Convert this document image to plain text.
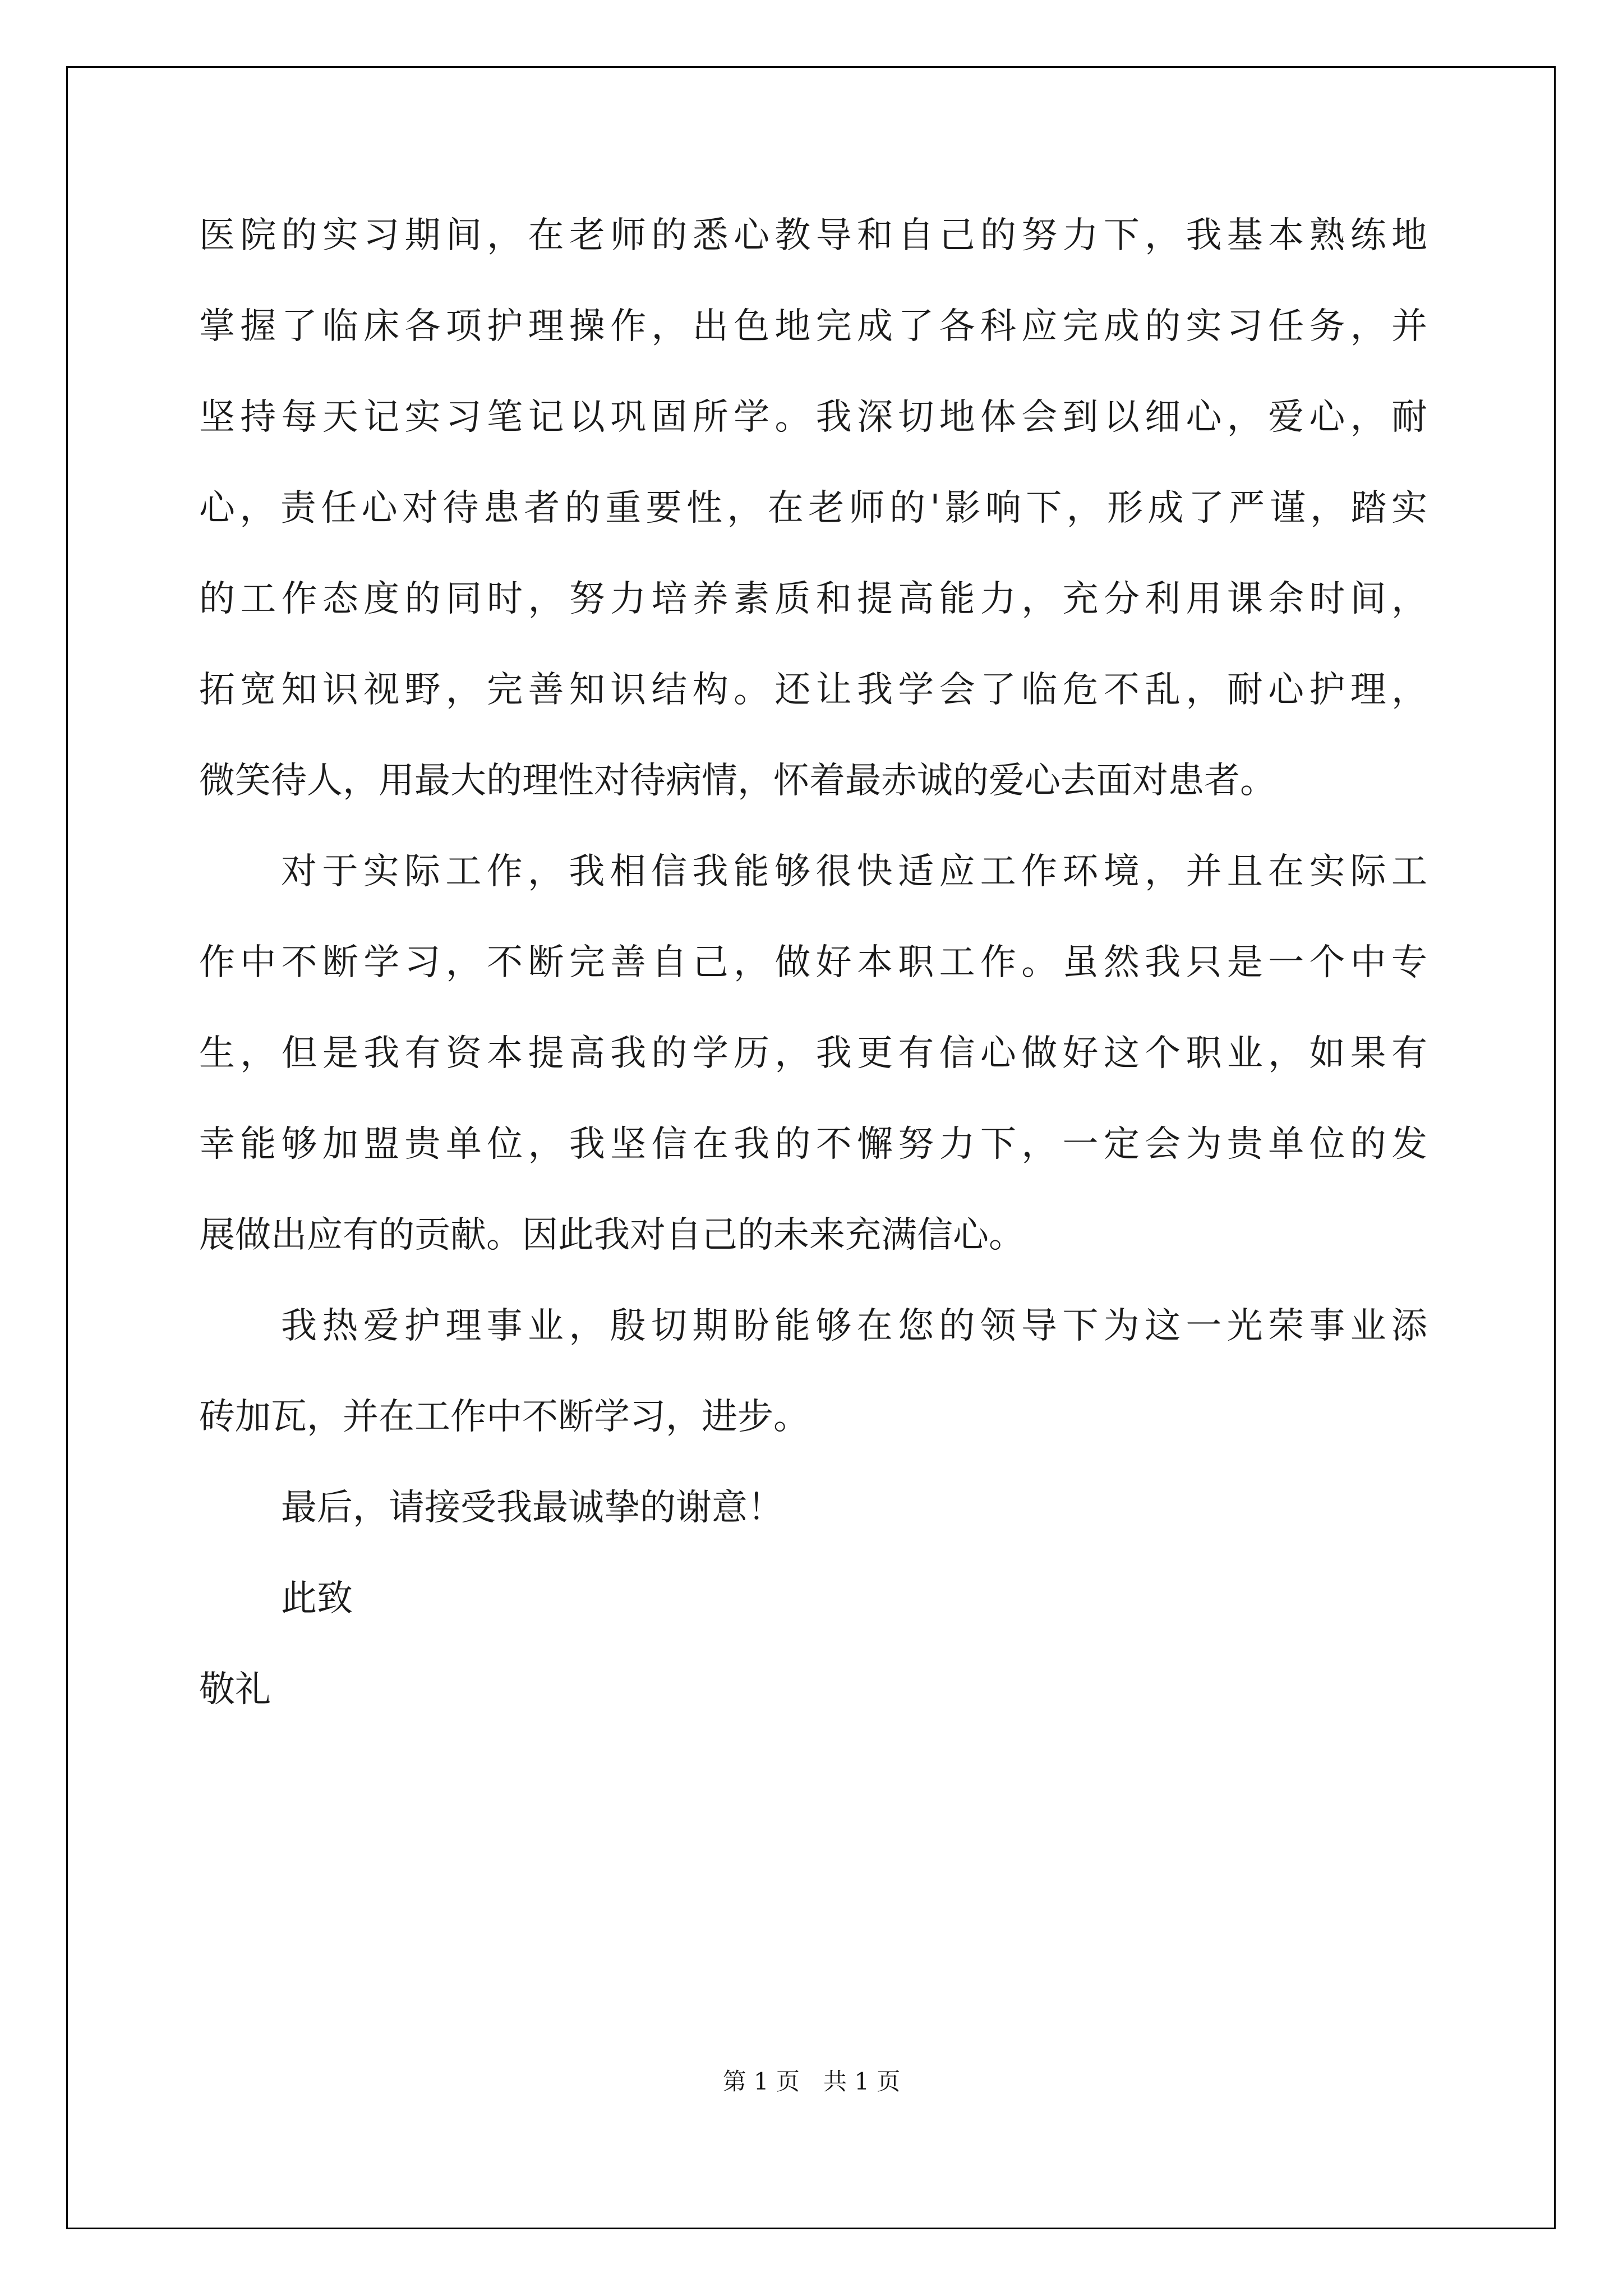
医院的实习期间，在老师的悉心教导和自己的努力下，我基本熟练地
掌握了临床各项护理操作，出色地完成了各科应完成的实习任务，并
坚持每天记实习笔记以巩固所学。我深切地体会到以细心，爱心，耐
心，责任心对待患者的重要性，在老师的'影响下，形成了严谨，踏实
的工作态度的同时，努力培养素质和提高能力，充分利用课余时间，
拓宽知识视野，完善知识结构。还让我学会了临危不乱，耐心护理，
微笑待人，用最大的理性对待病情，怀着最赤诚的爱心去面对患者。
对于实际工作，我相信我能够很快适应工作环境，并且在实际工
作中不断学习，不断完善自己，做好本职工作。虽然我只是一个中专
生，但是我有资本提高我的学历，我更有信心做好这个职业，如果有
幸能够加盟贵单位，我坚信在我的不懈努力下，一定会为贵单位的发
展做出应有的贡献。因此我对自己的未来充满信心。
我热爱护理事业，殷切期盼能够在您的领导下为这一光荣事业添
砖加瓦，并在工作中不断学习，进步。
最后，请接受我最诚挚的谢意！
此致
敬礼
第 1 页　共 1 页
